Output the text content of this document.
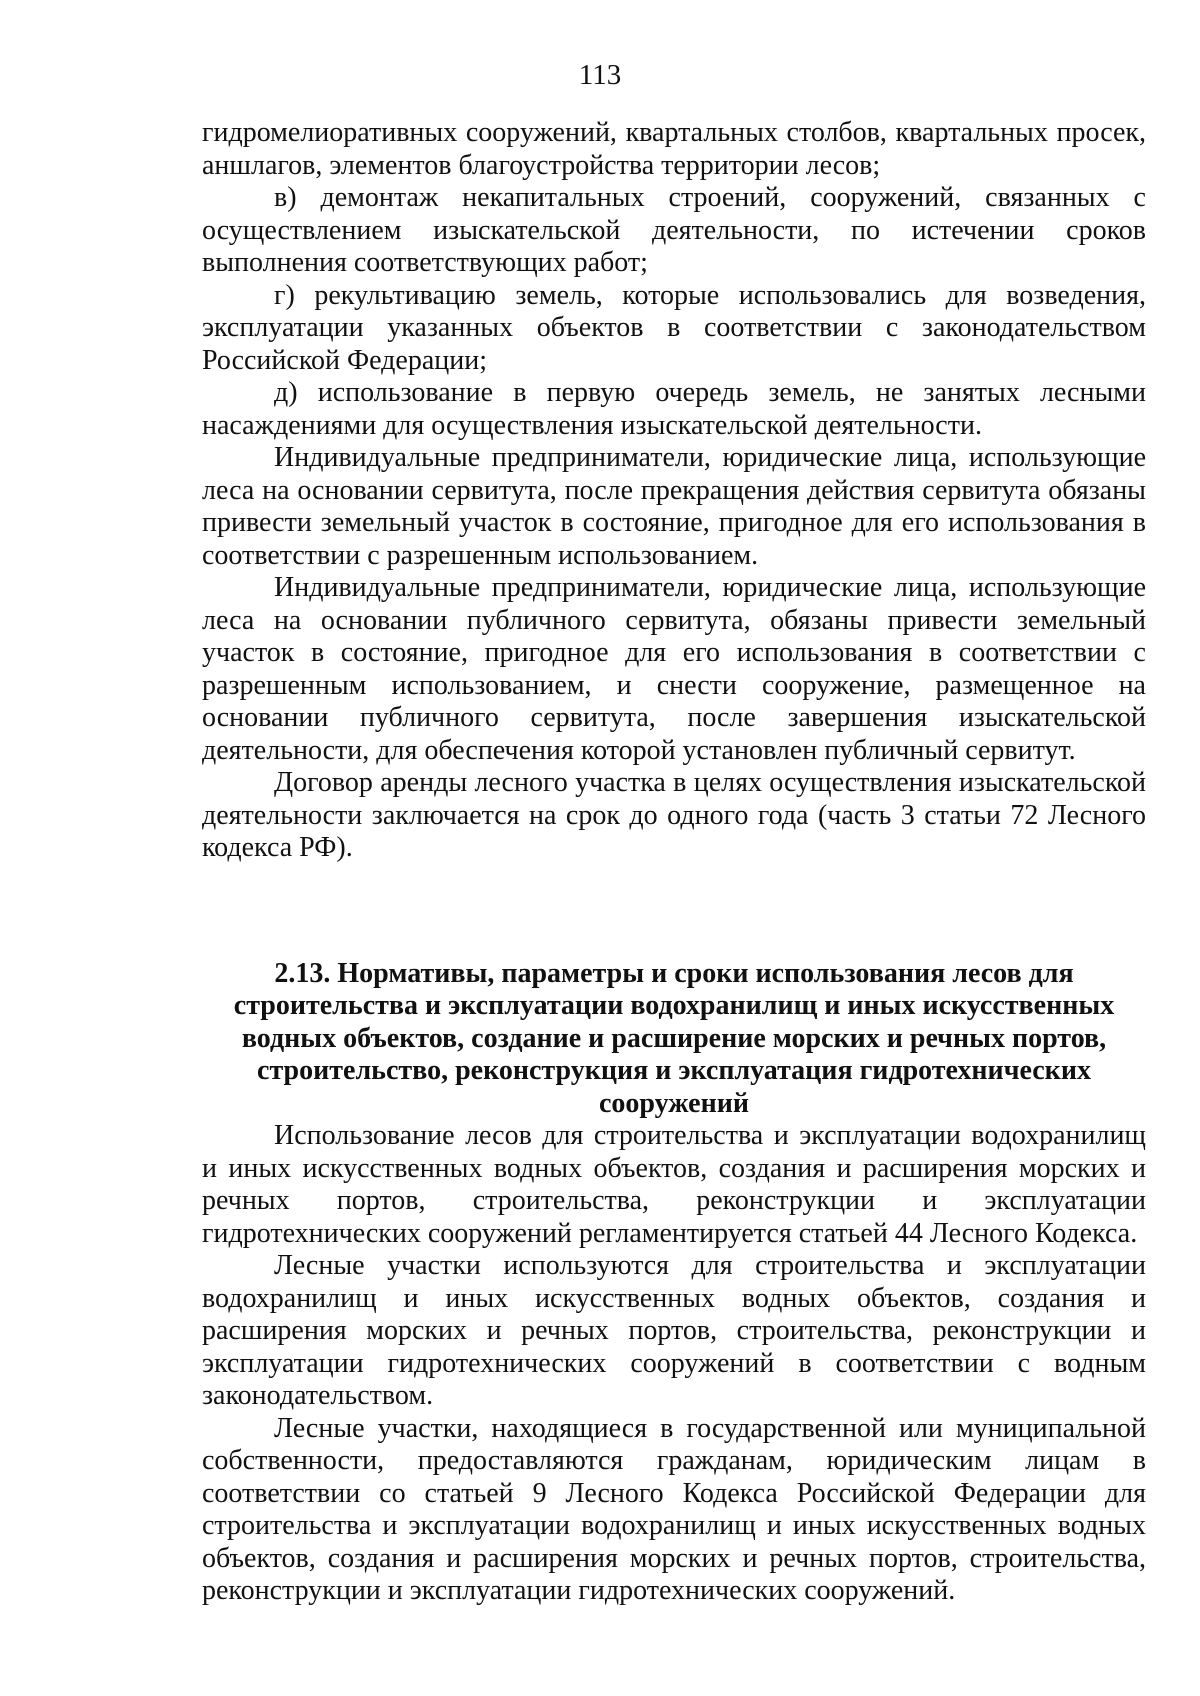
113

гидромелиоративных сооружений, квартальных столбов, квартальных просек, аншлагов, элементов благоустройства территории лесов;

в) демонтаж некапитальных строений, сооружений, связанных с осуществлением изыскательской деятельности, по истечении сроков выполнения соответствующих работ;

г) рекультивацию земель, которые использовались для возведения, эксплуатации указанных объектов в соответствии с законодательством Российской Федерации;

д) использование в первую очередь земель, не занятых лесными насаждениями для осуществления изыскательской деятельности.

Индивидуальные предприниматели, юридические лица, использующие леса на основании сервитута, после прекращения действия сервитута обязаны привести земельный участок в состояние, пригодное для его использования в соответствии с разрешенным использованием.

Индивидуальные предприниматели, юридические лица, использующие леса на основании публичного сервитута, обязаны привести земельный участок в состояние, пригодное для его использования в соответствии с разрешенным использованием, и снести сооружение, размещенное на основании публичного сервитута, после завершения изыскательской деятельности, для обеспечения которой установлен публичный сервитут.

Договор аренды лесного участка в целях осуществления изыскательской деятельности заключается на срок до одного года (часть 3 статьи 72 Лесного кодекса РФ).

2.13. Нормативы, параметры и сроки использования лесов для строительства и эксплуатации водохранилищ и иных искусственных водных объектов, создание и расширение морских и речных портов, строительство, реконструкция и эксплуатация гидротехнических сооружений

Использование лесов для строительства и эксплуатации водохранилищ и иных искусственных водных объектов, создания и расширения морских и речных портов, строительства, реконструкции и эксплуатации гидротехнических сооружений регламентируется статьей 44 Лесного Кодекса.

Лесные участки используются для строительства и эксплуатации водохранилищ и иных искусственных водных объектов, создания и расширения морских и речных портов, строительства, реконструкции и эксплуатации гидротехнических сооружений в соответствии с водным законодательством.

Лесные участки, находящиеся в государственной или муниципальной собственности, предоставляются гражданам, юридическим лицам в соответствии со статьей 9 Лесного Кодекса Российской Федерации для строительства и эксплуатации водохранилищ и иных искусственных водных объектов, создания и расширения морских и речных портов, строительства, реконструкции и эксплуатации гидротехнических сооружений.
